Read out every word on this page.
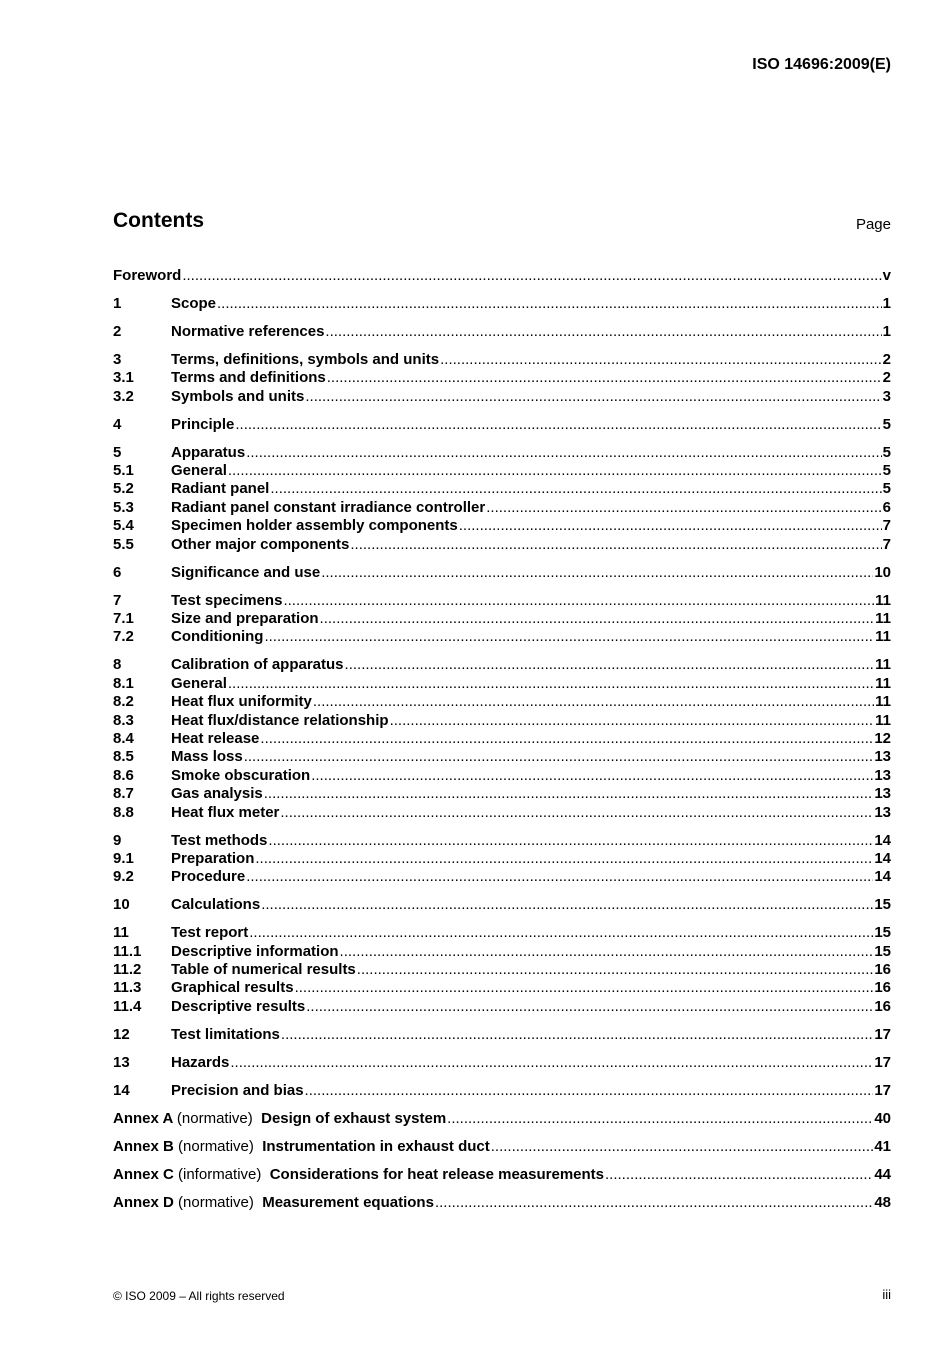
ISO 14696:2009(E)
Contents	Page
Foreword .....	v
1	Scope .....	1
2	Normative references .....	1
3	Terms, definitions, symbols and units .....	2
3.1	Terms and definitions .....	2
3.2	Symbols and units .....	3
4	Principle .....	5
5	Apparatus .....	5
5.1	General .....	5
5.2	Radiant panel .....	5
5.3	Radiant panel constant irradiance controller .....	6
5.4	Specimen holder assembly components .....	7
5.5	Other major components .....	7
6	Significance and use .....	10
7	Test specimens .....	11
7.1	Size and preparation .....	11
7.2	Conditioning .....	11
8	Calibration of apparatus .....	11
8.1	General .....	11
8.2	Heat flux uniformity .....	11
8.3	Heat flux/distance relationship .....	11
8.4	Heat release .....	12
8.5	Mass loss .....	13
8.6	Smoke obscuration .....	13
8.7	Gas analysis .....	13
8.8	Heat flux meter .....	13
9	Test methods .....	14
9.1	Preparation .....	14
9.2	Procedure .....	14
10	Calculations .....	15
11	Test report .....	15
11.1	Descriptive information .....	15
11.2	Table of numerical results .....	16
11.3	Graphical results .....	16
11.4	Descriptive results .....	16
12	Test limitations .....	17
13	Hazards .....	17
14	Precision and bias .....	17
Annex A (normative) Design of exhaust system .....	40
Annex B (normative) Instrumentation in exhaust duct .....	41
Annex C (informative) Considerations for heat release measurements .....	44
Annex D (normative) Measurement equations .....	48
© ISO 2009 – All rights reserved	iii
